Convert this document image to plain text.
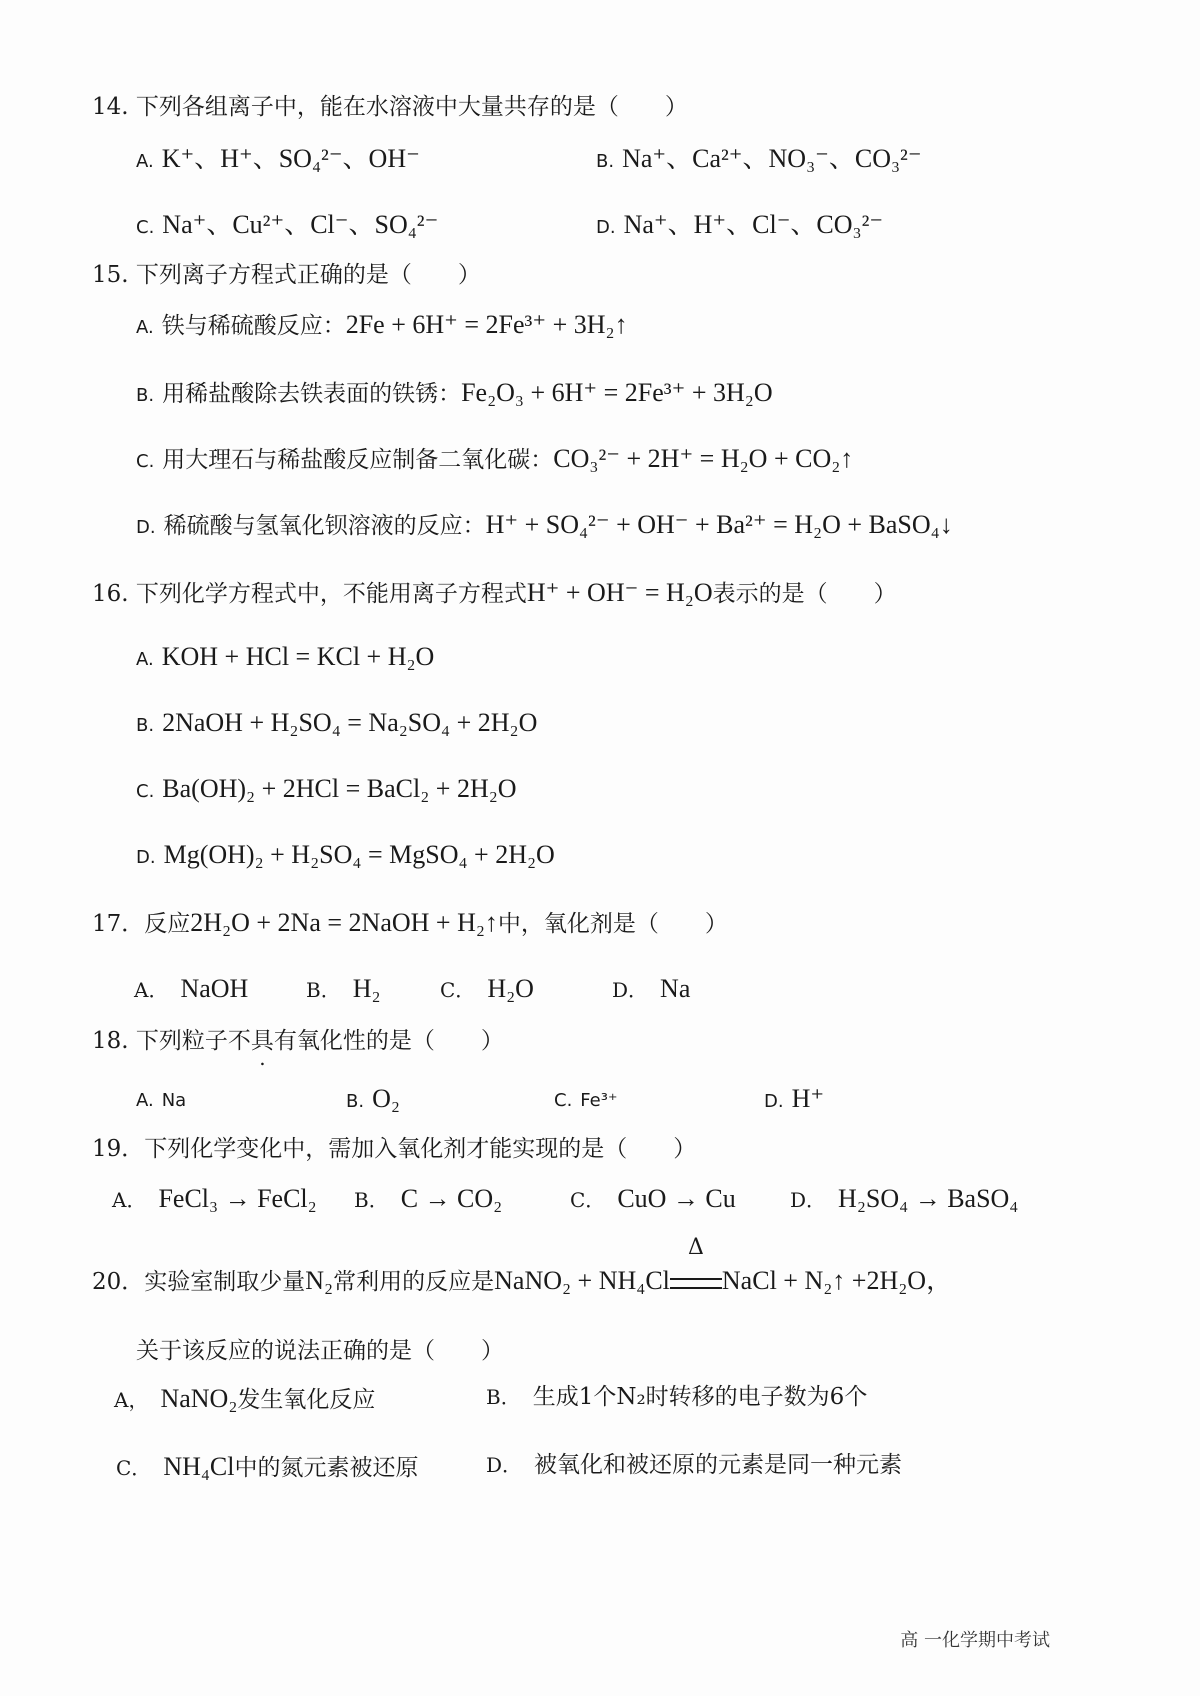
14. 下列各组离子中，能在水溶液中大量共存的是（　　）
A. K⁺、H⁺、SO₄²⁻、OH⁻	B. Na⁺、Ca²⁺、NO₃⁻、CO₃²⁻
C. Na⁺、Cu²⁺、Cl⁻、SO₄²⁻	D. Na⁺、H⁺、Cl⁻、CO₃²⁻
15. 下列离子方程式正确的是（　　）
A. 铁与稀硫酸反应：2Fe + 6H⁺ = 2Fe³⁺ + 3H₂↑
B. 用稀盐酸除去铁表面的铁锈：Fe₂O₃ + 6H⁺ = 2Fe³⁺ + 3H₂O
C. 用大理石与稀盐酸反应制备二氧化碳：CO₃²⁻ + 2H⁺ = H₂O + CO₂↑
D. 稀硫酸与氢氧化钡溶液的反应：H⁺ + SO₄²⁻ + OH⁻ + Ba²⁺ = H₂O + BaSO₄↓
16. 下列化学方程式中，不能用离子方程式H⁺ + OH⁻ = H₂O表示的是（　　）
A. KOH + HCl = KCl + H₂O
B. 2NaOH + H₂SO₄ = Na₂SO₄ + 2H₂O
C. Ba(OH)₂ + 2HCl = BaCl₂ + 2H₂O
D. Mg(OH)₂ + H₂SO₄ = MgSO₄ + 2H₂O
17．反应2H₂O + 2Na = 2NaOH + H₂↑中，氧化剂是（　　）
A． NaOH	B． H₂	C． H₂O	D． Na
18. 下列粒子不具有氧化性的是（　　）
A. Na	B. O₂	C. Fe³⁺	D. H⁺
19．下列化学变化中，需加入氧化剂才能实现的是（　　）
A． FeCl₃ → FeCl₂ B． C → CO₂	C． CuO → Cu	D． H₂SO₄ → BaSO₄
20．实验室制取少量N₂常利用的反应是NaNO₂ + NH₄Cl
Δ
NaCl + N₂↑ +2H₂O，
关于该反应的说法正确的是（　　）
A， NaNO₂发生氧化反应	B． 生成1个N₂时转移的电子数为6个
C． NH₄Cl中的氮元素被还原	D． 被氧化和被还原的元素是同一种元素
高 一化学期中考试
